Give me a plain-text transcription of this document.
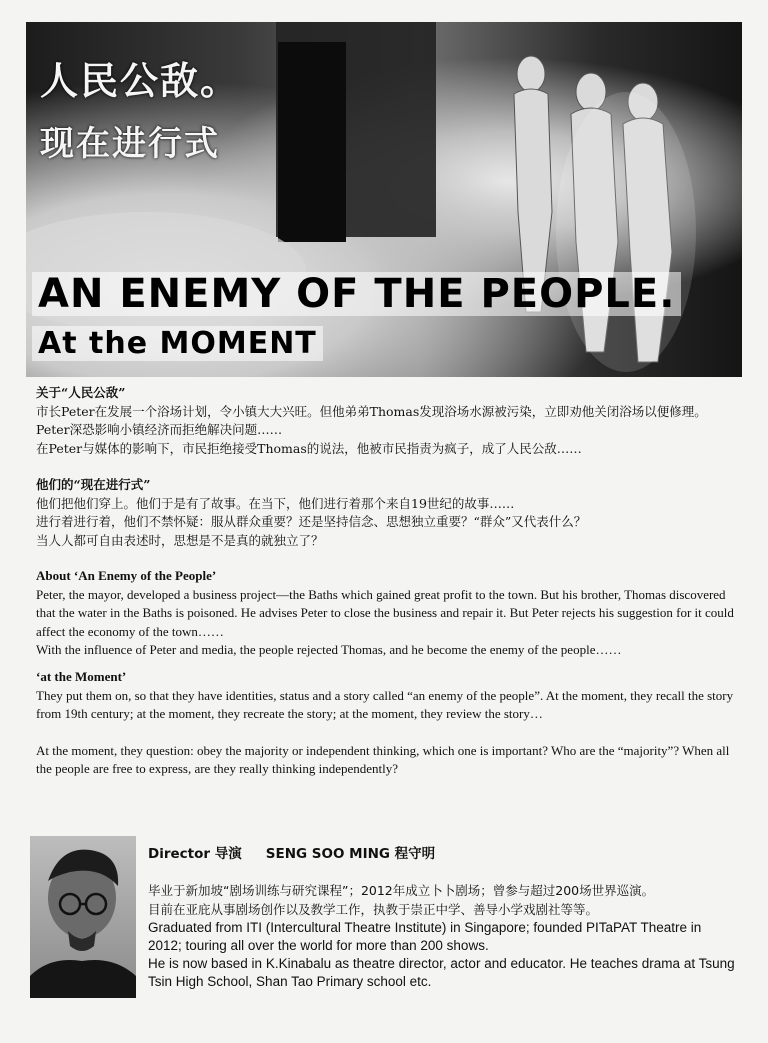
人民公敌。
现在进行式
AN ENEMY OF THE PEOPLE.
At the MOMENT

关于“人民公敌”

市长Peter在发展一个浴场计划，令小镇大大兴旺。但他弟弟Thomas发现浴场水源被污染，立即劝他关闭浴场以便修理。Peter深恐影响小镇经济而拒绝解决问题……

在Peter与媒体的影响下，市民拒绝接受Thomas的说法，他被市民指责为疯子，成了人民公敌……

他们的“现在进行式”

他们把他们穿上。他们于是有了故事。在当下，他们进行着那个来自19世纪的故事……

进行着进行着，他们不禁怀疑：服从群众重要？还是坚持信念、思想独立重要？“群众”又代表什么？

当人人都可自由表述时，思想是不是真的就独立了？

About ‘An Enemy of the People’

Peter, the mayor, developed a business project—the Baths which gained great profit to the town. But his brother, Thomas discovered that the water in the Baths is poisoned. He advises Peter to close the business and repair it. But Peter rejects his suggestion for it could affect the economy of the town……

With the influence of Peter and media, the people rejected Thomas, and he become the enemy of the people……

‘at the Moment’

They put them on, so that they have identities, status and a story called “an enemy of the people”. At the moment, they recall the story from 19th century; at the moment, they recreate the story; at the moment, they review the story…

At the moment, they question: obey the majority or independent thinking, which one is important? Who are the “majority”? When all the people are free to express, are they really thinking independently?

Director 导演 SENG SOO MING 程守明

毕业于新加坡“剧场训练与研究课程”；2012年成立卜卜剧场；曾参与超过200场世界巡演。

目前在亚庇从事剧场创作以及教学工作，执教于崇正中学、善导小学戏剧社等等。

Graduated from ITI (Intercultural Theatre Institute) in Singapore; founded PITaPAT Theatre in 2012; touring all over the world for more than 200 shows.

He is now based in K.Kinabalu as theatre director, actor and educator. He teaches drama at Tsung Tsin High School, Shan Tao Primary school etc.
